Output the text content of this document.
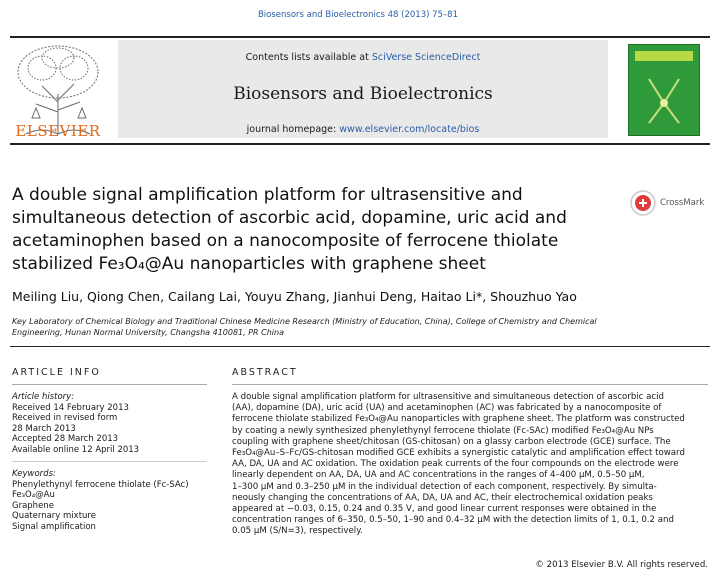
Biosensors and Bioelectronics 48 (2013) 75–81
ELSEVIER
Contents lists available at SciVerse ScienceDirect
Biosensors and Bioelectronics
journal homepage: www.elsevier.com/locate/bios
A double signal amplification platform for ultrasensitive and
simultaneous detection of ascorbic acid, dopamine, uric acid and
acetaminophen based on a nanocomposite of ferrocene thiolate
stabilized Fe₃O₄@Au nanoparticles with graphene sheet
CrossMark
Meiling Liu, Qiong Chen, Cailang Lai, Youyu Zhang, Jianhui Deng, Haitao Li*, Shouzhuo Yao
Key Laboratory of Chemical Biology and Traditional Chinese Medicine Research (Ministry of Education, China), College of Chemistry and Chemical
Engineering, Hunan Normal University, Changsha 410081, PR China
ARTICLE INFO	ABSTRACT
Article history:
Received 14 February 2013
Received in revised form
28 March 2013
Accepted 28 March 2013
Available online 12 April 2013
Keywords:
Phenylethynyl ferrocene thiolate (Fc-SAc)
Fe₃O₄@Au
Graphene
Quaternary mixture
Signal amplification
A double signal amplification platform for ultrasensitive and simultaneous detection of ascorbic acid
(AA), dopamine (DA), uric acid (UA) and acetaminophen (AC) was fabricated by a nanocomposite of
ferrocene thiolate stabilized Fe₃O₄@Au nanoparticles with graphene sheet. The platform was constructed
by coating a newly synthesized phenylethynyl ferrocene thiolate (Fc-SAc) modified Fe₃O₄@Au NPs
coupling with graphene sheet/chitosan (GS-chitosan) on a glassy carbon electrode (GCE) surface. The
Fe₃O₄@Au–S–Fc/GS-chitosan modified GCE exhibits a synergistic catalytic and amplification effect toward
AA, DA, UA and AC oxidation. The oxidation peak currents of the four compounds on the electrode were
linearly dependent on AA, DA, UA and AC concentrations in the ranges of 4–400 μM, 0.5–50 μM,
1–300 μM and 0.3–250 μM in the individual detection of each component, respectively. By simulta-
neously changing the concentrations of AA, DA, UA and AC, their electrochemical oxidation peaks
appeared at −0.03, 0.15, 0.24 and 0.35 V, and good linear current responses were obtained in the
concentration ranges of 6–350, 0.5–50, 1–90 and 0.4–32 μM with the detection limits of 1, 0.1, 0.2 and
0.05 μM (S/N=3), respectively.
© 2013 Elsevier B.V. All rights reserved.
